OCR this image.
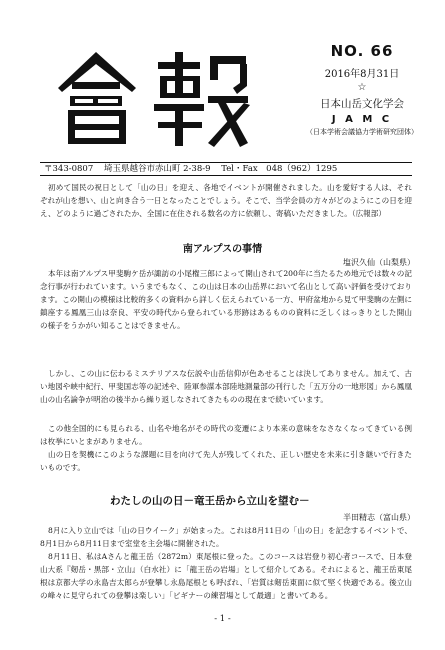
NO. 66
2016年8月31日
☆
日本山岳文化学会
J A M C
（日本学術会議協力学術研究団体）
〒343-0807 埼玉県越谷市赤山町 2-38-9 Tel・Fax　048（962）1295

初めて国民の祝日として「山の日」を迎え、各地でイベントが開催されました。山を愛好する人は、それぞれが山を想い、山と向き合う一日となったことでしょう。そこで、当学会員の方々がどのようにこの日を迎え、どのように過ごされたか、全国に在住される数名の方に依頼し、寄稿いただきました。（広報部）

南アルプスの事情
塩沢久仙（山梨県）

本年は南アルプス甲斐駒ケ岳が諏訪の小尾権三郎によって開山されて200年に当たるため地元では数々の記念行事が行われています。いうまでもなく、この山は日本の山岳界において名山として高い評価を受けております。この開山の模様は比較的多くの資料から詳しく伝えられている一方、甲府盆地から見て甲斐駒の左側に鎮座する鳳凰三山は奈良、平安の時代から登られている形跡はあるものの資料に乏しくはっきりとした開山の様子をうかがい知ることはできません。

しかし、この山に伝わるミステリアスな伝説や山岳信仰が色あせることは決してありません。加えて、古い地図や峡中紀行、甲斐国志等の記述や、陸軍参謀本部陸地測量部の刊行した「五万分の一地形図」から鳳凰山の山名論争が明治の後半から繰り返しなされてきたものの現在まで続いています。

この他全国的にも見られる、山名や地名がその時代の変遷により本来の意味をなさなくなってきている例は枚挙にいとまがありません。

山の日を契機にこのような課題に目を向けて先人が残してくれた、正しい歴史を未来に引き継いで行きたいものです。

わたしの山の日－竜王岳から立山を望む－
半田精志（富山県）

8月に入り立山では「山の日ウイーク」が始まった。これは8月11日の「山の日」を記念するイベントで、8月1日から8月11日まで室堂を主会場に開催された。

8月11日、私はAさんと龍王岳（2872m）東尾根に登った。このコースは岩登り初心者コースで、日本登山大系『剱岳・黒部・立山』（白水社）に「龍王岳の岩場」として紹介してある。それによると、龍王岳東尾根は京都大学の永島吉太郎らが登攀し永島尾根とも呼ばれ、「岩質は剱岳東面に似て堅く快適である。後立山の峰々に見守られての登攀は楽しい」「ビギナーの練習場として最適」と書いてある。

- 1 -
